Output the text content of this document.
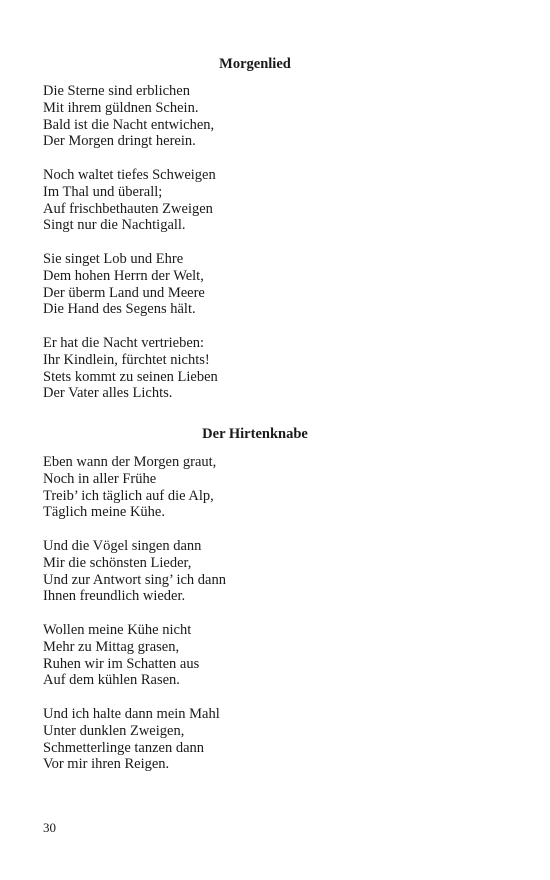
Morgenlied
Die Sterne sind erblichen
Mit ihrem güldnen Schein.
Bald ist die Nacht entwichen,
Der Morgen dringt herein.
Noch waltet tiefes Schweigen
Im Thal und überall;
Auf frischbethauten Zweigen
Singt nur die Nachtigall.
Sie singet Lob und Ehre
Dem hohen Herrn der Welt,
Der überm Land und Meere
Die Hand des Segens hält.
Er hat die Nacht vertrieben:
Ihr Kindlein, fürchtet nichts!
Stets kommt zu seinen Lieben
Der Vater alles Lichts.
Der Hirtenknabe
Eben wann der Morgen graut,
Noch in aller Frühe
Treib’ ich täglich auf die Alp,
Täglich meine Kühe.
Und die Vögel singen dann
Mir die schönsten Lieder,
Und zur Antwort sing’ ich dann
Ihnen freundlich wieder.
Wollen meine Kühe nicht
Mehr zu Mittag grasen,
Ruhen wir im Schatten aus
Auf dem kühlen Rasen.
Und ich halte dann mein Mahl
Unter dunklen Zweigen,
Schmetterlinge tanzen dann
Vor mir ihren Reigen.
30
